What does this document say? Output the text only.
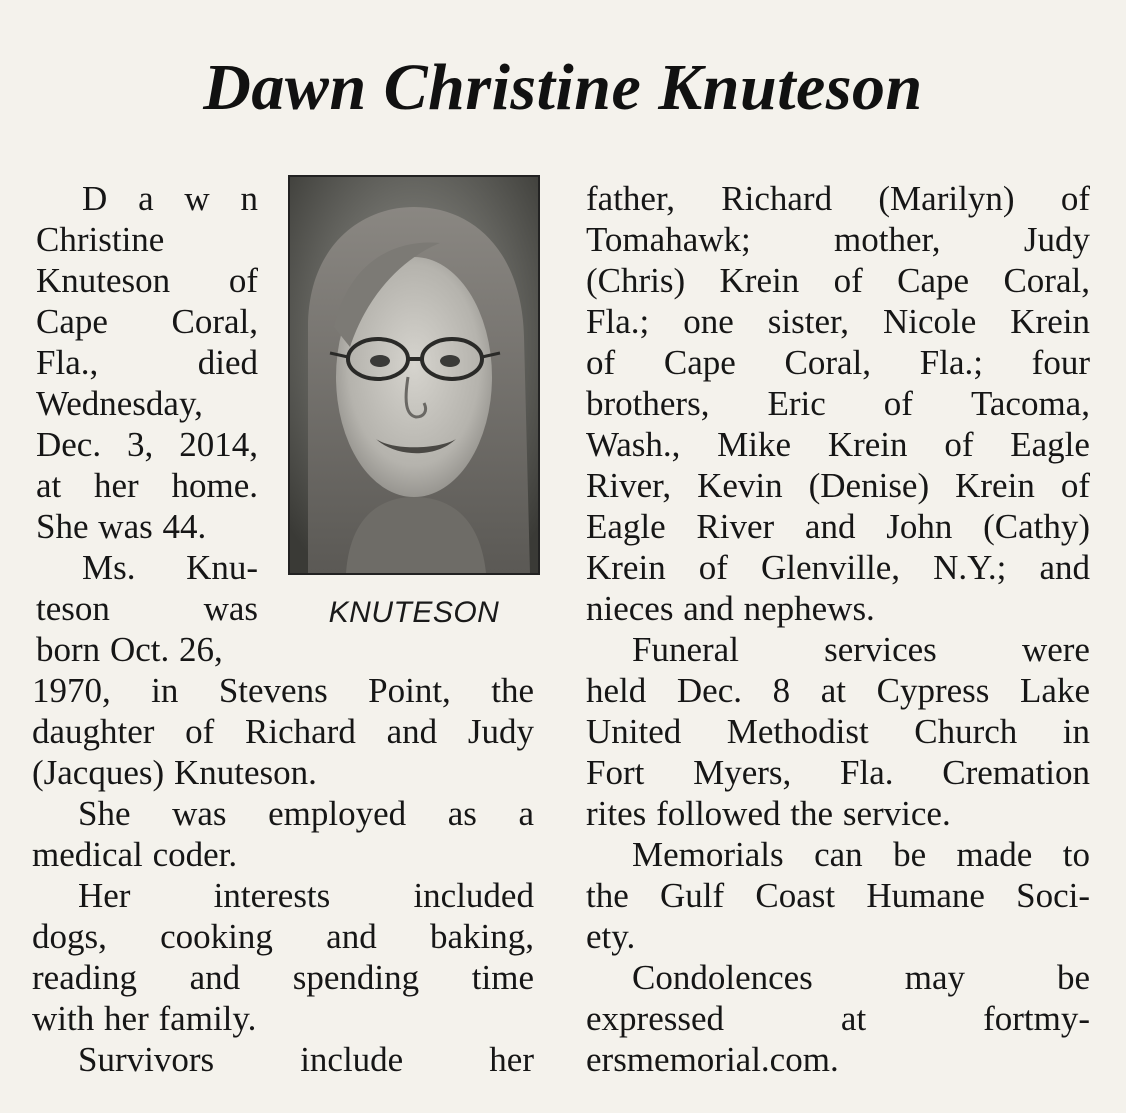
Dawn Christine Knuteson
KNUTESON
D a w n
Christine
Knuteson of
Cape Coral,
Fla.,	died
Wednesday,
Dec. 3, 2014,
at her home.
She was 44.
Ms. Knu-
teson	was
born Oct. 26,
1970, in Stevens Point, the
daughter of Richard and Judy
(Jacques) Knuteson.
She was employed as a
medical coder.
Her interests included
dogs, cooking and baking,
reading and spending time
with her family.
Survivors include her
father, Richard (Marilyn) of
Tomahawk; mother, Judy
(Chris) Krein of Cape Coral,
Fla.; one sister, Nicole Krein
of Cape Coral, Fla.; four
brothers, Eric of Tacoma,
Wash., Mike Krein of Eagle
River, Kevin (Denise) Krein of
Eagle River and John (Cathy)
Krein of Glenville, N.Y.; and
nieces and nephews.
Funeral services were
held Dec. 8 at Cypress Lake
United Methodist Church in
Fort Myers, Fla. Cremation
rites followed the service.
Memorials can be made to
the Gulf Coast Humane Soci-
ety.
Condolences	may	be
expressed	at	fortmy-
ersmemorial.com.
